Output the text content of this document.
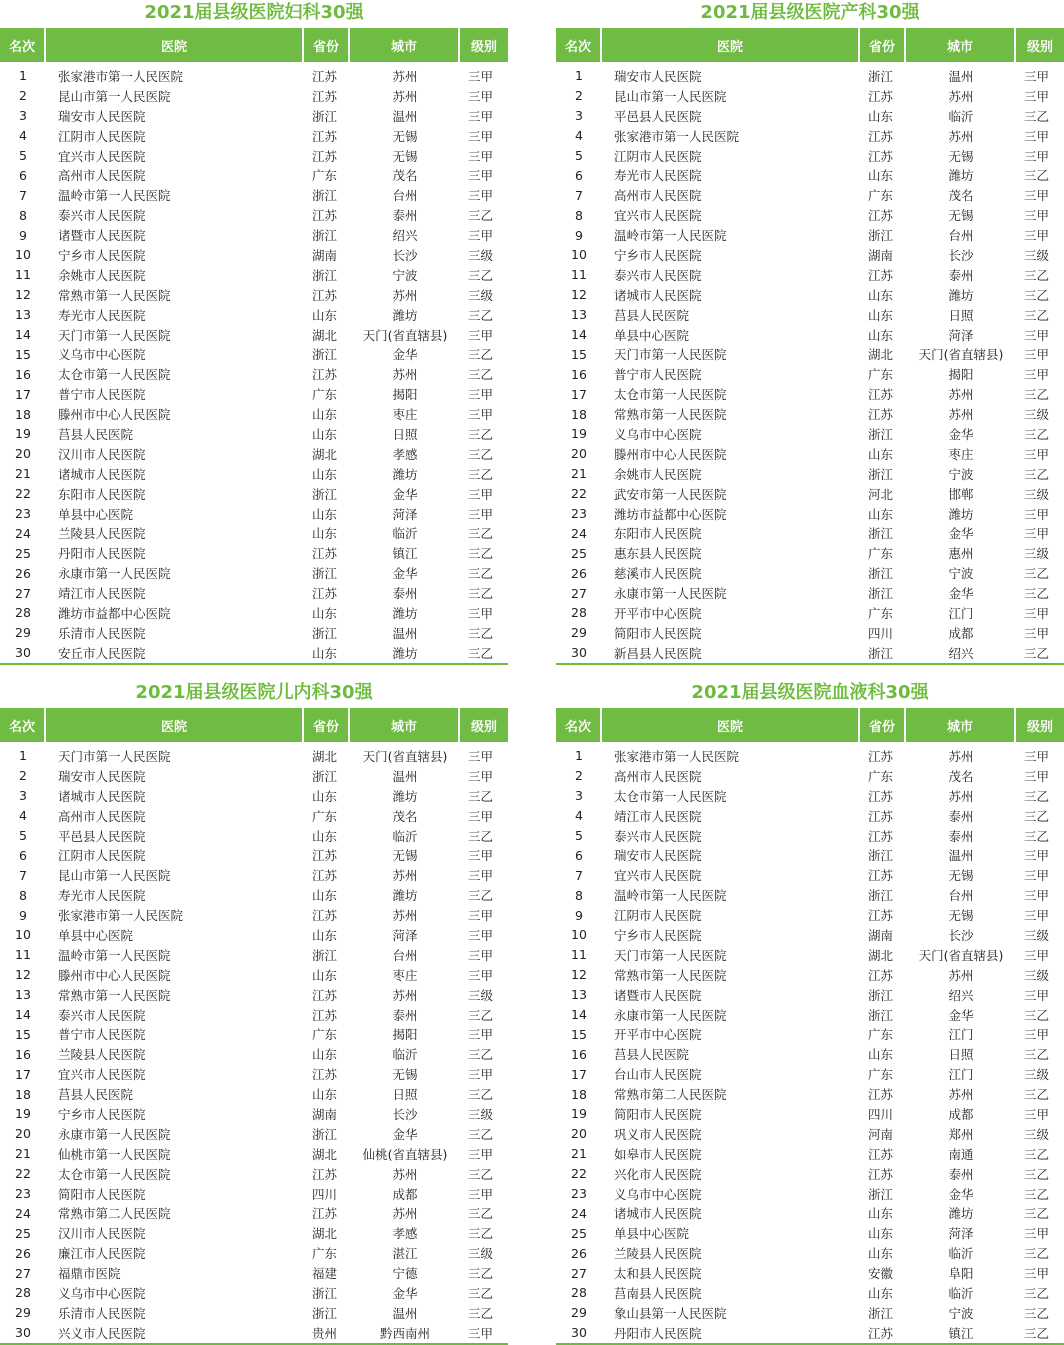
2021届县级医院妇科30强
名次	医院	省份	城市	级别
1	张家港市第一人民医院	江苏	苏州	三甲
2	昆山市第一人民医院	江苏	苏州	三甲
3	瑞安市人民医院	浙江	温州	三甲
4	江阴市人民医院	江苏	无锡	三甲
5	宜兴市人民医院	江苏	无锡	三甲
6	高州市人民医院	广东	茂名	三甲
7	温岭市第一人民医院	浙江	台州	三甲
8	泰兴市人民医院	江苏	泰州	三乙
9	诸暨市人民医院	浙江	绍兴	三甲
10	宁乡市人民医院	湖南	长沙	三级
11	余姚市人民医院	浙江	宁波	三乙
12	常熟市第一人民医院	江苏	苏州	三级
13	寿光市人民医院	山东	潍坊	三乙
14	天门市第一人民医院	湖北	天门(省直辖县)	三甲
15	义乌市中心医院	浙江	金华	三乙
16	太仓市第一人民医院	江苏	苏州	三乙
17	普宁市人民医院	广东	揭阳	三甲
18	滕州市中心人民医院	山东	枣庄	三甲
19	莒县人民医院	山东	日照	三乙
20	汉川市人民医院	湖北	孝感	三乙
21	诸城市人民医院	山东	潍坊	三乙
22	东阳市人民医院	浙江	金华	三甲
23	单县中心医院	山东	菏泽	三甲
24	兰陵县人民医院	山东	临沂	三乙
25	丹阳市人民医院	江苏	镇江	三乙
26	永康市第一人民医院	浙江	金华	三乙
27	靖江市人民医院	江苏	泰州	三乙
28	潍坊市益都中心医院	山东	潍坊	三甲
29	乐清市人民医院	浙江	温州	三乙
30	安丘市人民医院	山东	潍坊	三乙
2021届县级医院产科30强
名次	医院	省份	城市	级别
1	瑞安市人民医院	浙江	温州	三甲
2	昆山市第一人民医院	江苏	苏州	三甲
3	平邑县人民医院	山东	临沂	三乙
4	张家港市第一人民医院	江苏	苏州	三甲
5	江阴市人民医院	江苏	无锡	三甲
6	寿光市人民医院	山东	潍坊	三乙
7	高州市人民医院	广东	茂名	三甲
8	宜兴市人民医院	江苏	无锡	三甲
9	温岭市第一人民医院	浙江	台州	三甲
10	宁乡市人民医院	湖南	长沙	三级
11	泰兴市人民医院	江苏	泰州	三乙
12	诸城市人民医院	山东	潍坊	三乙
13	莒县人民医院	山东	日照	三乙
14	单县中心医院	山东	菏泽	三甲
15	天门市第一人民医院	湖北	天门(省直辖县)	三甲
16	普宁市人民医院	广东	揭阳	三甲
17	太仓市第一人民医院	江苏	苏州	三乙
18	常熟市第一人民医院	江苏	苏州	三级
19	义乌市中心医院	浙江	金华	三乙
20	滕州市中心人民医院	山东	枣庄	三甲
21	余姚市人民医院	浙江	宁波	三乙
22	武安市第一人民医院	河北	邯郸	三级
23	潍坊市益都中心医院	山东	潍坊	三甲
24	东阳市人民医院	浙江	金华	三甲
25	惠东县人民医院	广东	惠州	三级
26	慈溪市人民医院	浙江	宁波	三乙
27	永康市第一人民医院	浙江	金华	三乙
28	开平市中心医院	广东	江门	三甲
29	简阳市人民医院	四川	成都	三甲
30	新昌县人民医院	浙江	绍兴	三乙
2021届县级医院儿内科30强
名次	医院	省份	城市	级别
1	天门市第一人民医院	湖北	天门(省直辖县)	三甲
2	瑞安市人民医院	浙江	温州	三甲
3	诸城市人民医院	山东	潍坊	三乙
4	高州市人民医院	广东	茂名	三甲
5	平邑县人民医院	山东	临沂	三乙
6	江阴市人民医院	江苏	无锡	三甲
7	昆山市第一人民医院	江苏	苏州	三甲
8	寿光市人民医院	山东	潍坊	三乙
9	张家港市第一人民医院	江苏	苏州	三甲
10	单县中心医院	山东	菏泽	三甲
11	温岭市第一人民医院	浙江	台州	三甲
12	滕州市中心人民医院	山东	枣庄	三甲
13	常熟市第一人民医院	江苏	苏州	三级
14	泰兴市人民医院	江苏	泰州	三乙
15	普宁市人民医院	广东	揭阳	三甲
16	兰陵县人民医院	山东	临沂	三乙
17	宜兴市人民医院	江苏	无锡	三甲
18	莒县人民医院	山东	日照	三乙
19	宁乡市人民医院	湖南	长沙	三级
20	永康市第一人民医院	浙江	金华	三乙
21	仙桃市第一人民医院	湖北	仙桃(省直辖县)	三甲
22	太仓市第一人民医院	江苏	苏州	三乙
23	简阳市人民医院	四川	成都	三甲
24	常熟市第二人民医院	江苏	苏州	三乙
25	汉川市人民医院	湖北	孝感	三乙
26	廉江市人民医院	广东	湛江	三级
27	福鼎市医院	福建	宁德	三乙
28	义乌市中心医院	浙江	金华	三乙
29	乐清市人民医院	浙江	温州	三乙
30	兴义市人民医院	贵州	黔西南州	三甲
2021届县级医院血液科30强
名次	医院	省份	城市	级别
1	张家港市第一人民医院	江苏	苏州	三甲
2	高州市人民医院	广东	茂名	三甲
3	太仓市第一人民医院	江苏	苏州	三乙
4	靖江市人民医院	江苏	泰州	三乙
5	泰兴市人民医院	江苏	泰州	三乙
6	瑞安市人民医院	浙江	温州	三甲
7	宜兴市人民医院	江苏	无锡	三甲
8	温岭市第一人民医院	浙江	台州	三甲
9	江阴市人民医院	江苏	无锡	三甲
10	宁乡市人民医院	湖南	长沙	三级
11	天门市第一人民医院	湖北	天门(省直辖县)	三甲
12	常熟市第一人民医院	江苏	苏州	三级
13	诸暨市人民医院	浙江	绍兴	三甲
14	永康市第一人民医院	浙江	金华	三乙
15	开平市中心医院	广东	江门	三甲
16	莒县人民医院	山东	日照	三乙
17	台山市人民医院	广东	江门	三级
18	常熟市第二人民医院	江苏	苏州	三乙
19	简阳市人民医院	四川	成都	三甲
20	巩义市人民医院	河南	郑州	三级
21	如皋市人民医院	江苏	南通	三乙
22	兴化市人民医院	江苏	泰州	三乙
23	义乌市中心医院	浙江	金华	三乙
24	诸城市人民医院	山东	潍坊	三乙
25	单县中心医院	山东	菏泽	三甲
26	兰陵县人民医院	山东	临沂	三乙
27	太和县人民医院	安徽	阜阳	三甲
28	莒南县人民医院	山东	临沂	三乙
29	象山县第一人民医院	浙江	宁波	三乙
30	丹阳市人民医院	江苏	镇江	三乙
